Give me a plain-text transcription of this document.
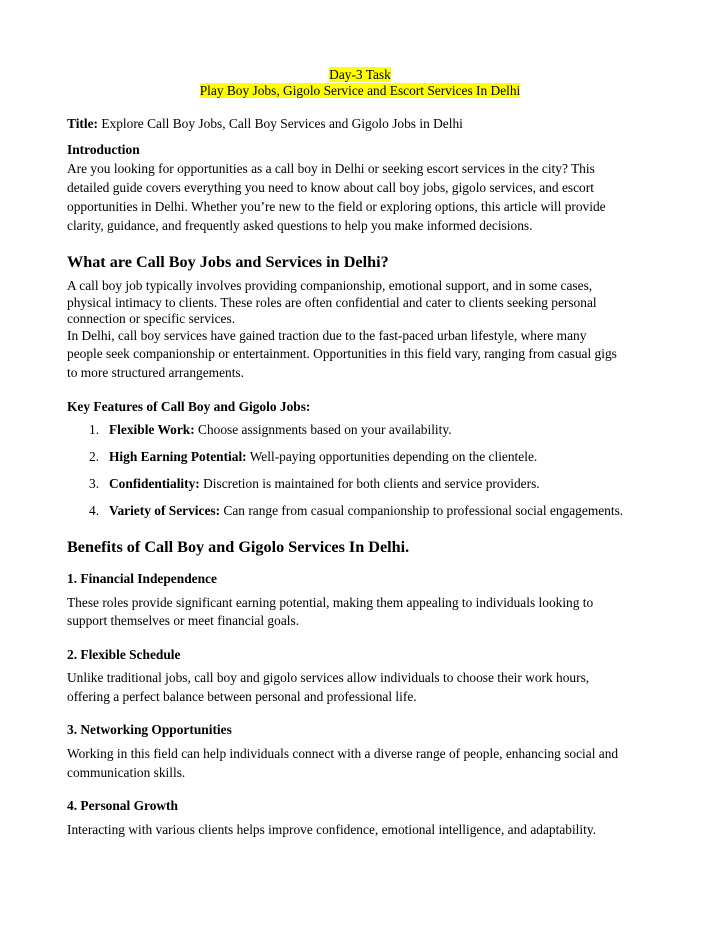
Day-3 Task
Play Boy Jobs, Gigolo Service and Escort Services In Delhi
Title: Explore Call Boy Jobs, Call Boy Services and Gigolo Jobs in Delhi
Introduction
Are you looking for opportunities as a call boy in Delhi or seeking escort services in the city? This
detailed guide covers everything you need to know about call boy jobs, gigolo services, and escort
opportunities in Delhi. Whether you’re new to the field or exploring options, this article will provide
clarity, guidance, and frequently asked questions to help you make informed decisions.
What are Call Boy Jobs and Services in Delhi?
A call boy job typically involves providing companionship, emotional support, and in some cases,
physical intimacy to clients. These roles are often confidential and cater to clients seeking personal
connection or specific services.
In Delhi, call boy services have gained traction due to the fast-paced urban lifestyle, where many
people seek companionship or entertainment. Opportunities in this field vary, ranging from casual gigs
to more structured arrangements.
Key Features of Call Boy and Gigolo Jobs:
1. Flexible Work: Choose assignments based on your availability.
2. High Earning Potential: Well-paying opportunities depending on the clientele.
3. Confidentiality: Discretion is maintained for both clients and service providers.
4. Variety of Services: Can range from casual companionship to professional social engagements.
Benefits of Call Boy and Gigolo Services In Delhi.
1. Financial Independence
These roles provide significant earning potential, making them appealing to individuals looking to
support themselves or meet financial goals.
2. Flexible Schedule
Unlike traditional jobs, call boy and gigolo services allow individuals to choose their work hours,
offering a perfect balance between personal and professional life.
3. Networking Opportunities
Working in this field can help individuals connect with a diverse range of people, enhancing social and
communication skills.
4. Personal Growth
Interacting with various clients helps improve confidence, emotional intelligence, and adaptability.
